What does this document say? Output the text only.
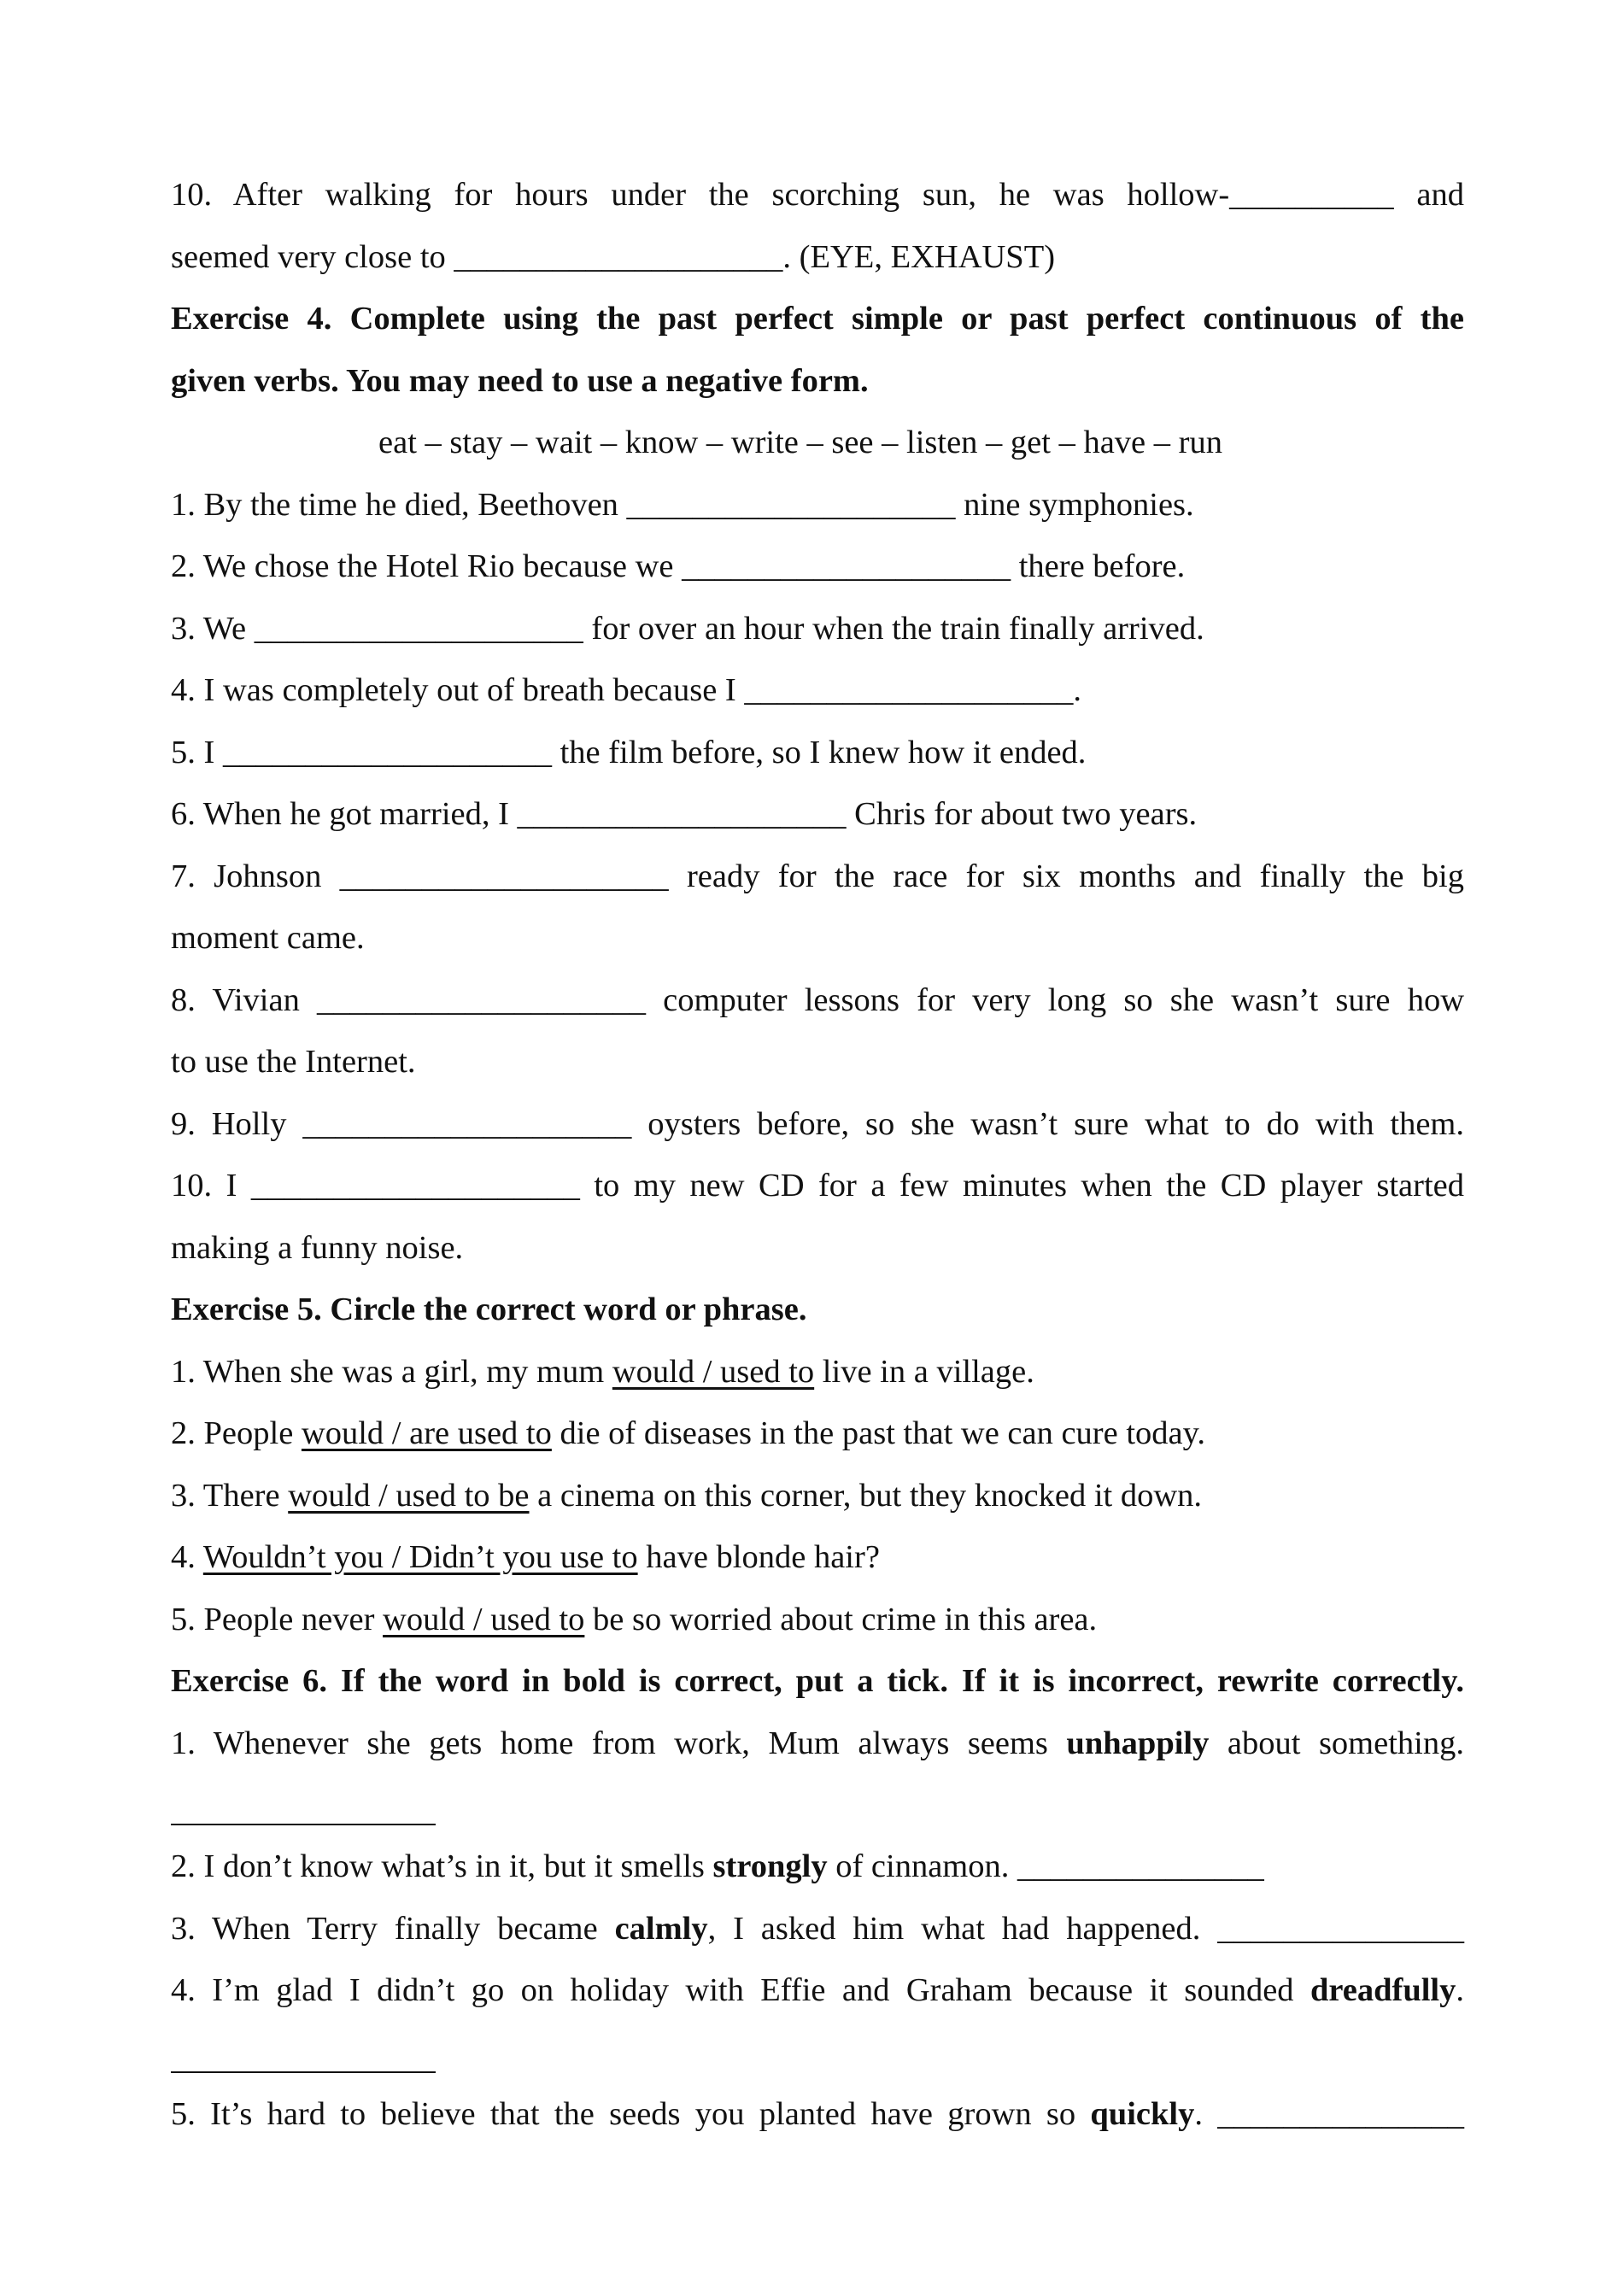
10. After walking for hours under the scorching sun, he was hollow-__________ and
seemed very close to ____________________. (EYE, EXHAUST)
Exercise 4. Complete using the past perfect simple or past perfect continuous of the
given verbs. You may need to use a negative form.
eat – stay – wait – know – write – see – listen – get – have – run
1. By the time he died, Beethoven ____________________ nine symphonies.
2. We chose the Hotel Rio because we ____________________ there before.
3. We ____________________ for over an hour when the train finally arrived.
4. I was completely out of breath because I ____________________.
5. I ____________________ the film before, so I knew how it ended.
6. When he got married, I ____________________ Chris for about two years.
7. Johnson ____________________ ready for the race for six months and finally the big
moment came.
8. Vivian ____________________ computer lessons for very long so she wasn’t sure how
to use the Internet.
9. Holly ____________________ oysters before, so she wasn’t sure what to do with them.
10. I ____________________ to my new CD for a few minutes when the CD player started
making a funny noise.
Exercise 5. Circle the correct word or phrase.
1. When she was a girl, my mum would / used to live in a village.
2. People would / are used to die of diseases in the past that we can cure today.
3. There would / used to be a cinema on this corner, but they knocked it down.
4. Wouldn’t you / Didn’t you use to have blonde hair?
5. People never would / used to be so worried about crime in this area.
Exercise 6. If the word in bold is correct, put a tick. If it is incorrect, rewrite correctly.
1. Whenever she gets home from work, Mum always seems unhappily about something.
2. I don’t know what’s in it, but it smells strongly of cinnamon. _______________
3. When Terry finally became calmly, I asked him what had happened. _______________
4. I’m glad I didn’t go on holiday with Effie and Graham because it sounded dreadfully.
5. It’s hard to believe that the seeds you planted have grown so quickly. _______________
